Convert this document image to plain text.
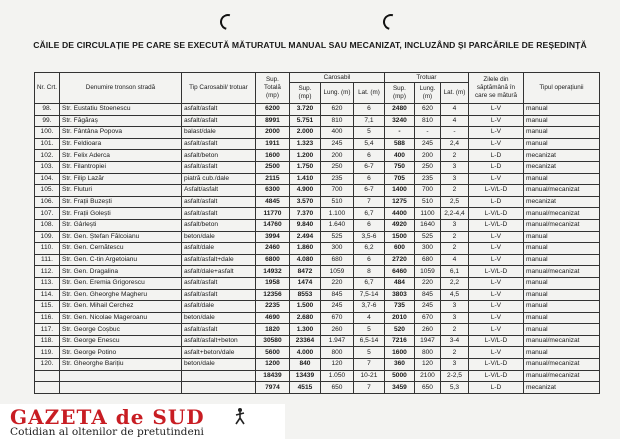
CĂILE DE CIRCULAȚIE PE CARE SE EXECUTĂ MĂTURATUL MANUAL SAU MECANIZAT, INCLUZÂND ȘI PARCĂRILE DE REȘEDINȚĂ
Nr. Crt.	Denumire tronson stradă	Tip Carosabil/ trotuar	Sup. Totală (mp)	Carosabil			Trotuar			Zilele din săptămână în care se mătură	Tipul operațiunii
				Sup. (mp)	Lung. (m)	Lat. (m)	Sup. (mp)	Lung. (m)	Lat. (m)		
98.	Str. Eustatiu Stoenescu	asfalt/asfalt	6200	3.720	620	6	2480	620	4	L-V	manual
99.	Str. Făgăraș	asfalt/asfalt	8991	5.751	810	7,1	3240	810	4	L-V	manual
100.	Str. Fântâna Popova	balast/dale	2000	2.000	400	5	-	-	-	L-V	manual
101.	Str. Feldioara	asfalt/asfalt	1911	1.323	245	5,4	588	245	2,4	L-V	manual
102.	Str. Felix Aderca	asfalt/beton	1600	1.200	200	6	400	200	2	L-D	mecanizat
103.	Str. Filantropiei	asfalt/asfalt	2500	1.750	250	6-7	750	250	3	L-D	mecanizat
104.	Str. Filip Lazăr	piatră cub./dale	2115	1.410	235	6	705	235	3	L-V	manual
105.	Str. Fluturi	Asfalt/asfalt	6300	4.900	700	6-7	1400	700	2	L-V/L-D	manual/mecanizat
106.	Str. Frații Buzești	asfalt/asfalt	4845	3.570	510	7	1275	510	2,5	L-D	mecanizat
107.	Str. Frații Golești	asfalt/asfalt	11770	7.370	1.100	6,7	4400	1100	2,2-4,4	L-V/L-D	manual/mecanizat
108.	Str. Gârlești	asfalt/beton	14760	9.840	1.640	6	4920	1640	3	L-V/L-D	manual/mecanizat
109.	Str. Gen. Ștefan Fălcoianu	beton/dale	3994	2.494	525	3,5-6	1500	525	2	L-V	manual
110.	Str. Gen. Cernătescu	asfalt/dale	2460	1.860	300	6,2	600	300	2	L-V	manual
111.	Str. Gen. C-tin Argetoianu	asfalt/asfalt+dale	6800	4.080	680	6	2720	680	4	L-V	manual
112.	Str. Gen. Dragalina	asfalt/dale+asfalt	14932	8472	1059	8	6460	1059	6,1	L-V/L-D	manual/mecanizat
113.	Str. Gen. Eremia Grigorescu	asfalt/asfalt	1958	1474	220	6,7	484	220	2,2	L-V	manual
114.	Str. Gen. Gheorghe Magheru	asfalt/asfalt	12356	8553	845	7,5-14	3803	845	4,5	L-V	manual
115.	Str. Gen. Mihail Cerchez	asfalt/dale	2235	1.500	245	3,7-6	735	245	3	L-V	manual
116.	Str. Gen. Nicolae Mageroanu	beton/dale	4690	2.680	670	4	2010	670	3	L-V	manual
117.	Str. George Coșbuc	asfalt/asfalt	1820	1.300	260	5	520	260	2	L-V	manual
118.	Str. George Enescu	asfalt/asfalt+beton	30580	23364	1.947	6,5-14	7216	1947	3-4	L-V/L-D	manual/mecanizat
119.	Str. George Potino	asfalt+beton/dale	5600	4.000	800	5	1600	800	2	L-V	manual
120.	Str. Gheorghe Barițiu	beton/dale	1200	840	120	7	360	120	3	L-V/L-D	manual/mecanizat
			18439	13439	1.050	10-21	5000	2100	2-2,5	L-V/L-D	manual/mecanizat
			7974	4515	650	7	3459	650	5,3	L-D	mecanizat
GAZETA de SUD
Cotidian al oltenilor de pretutindeni
